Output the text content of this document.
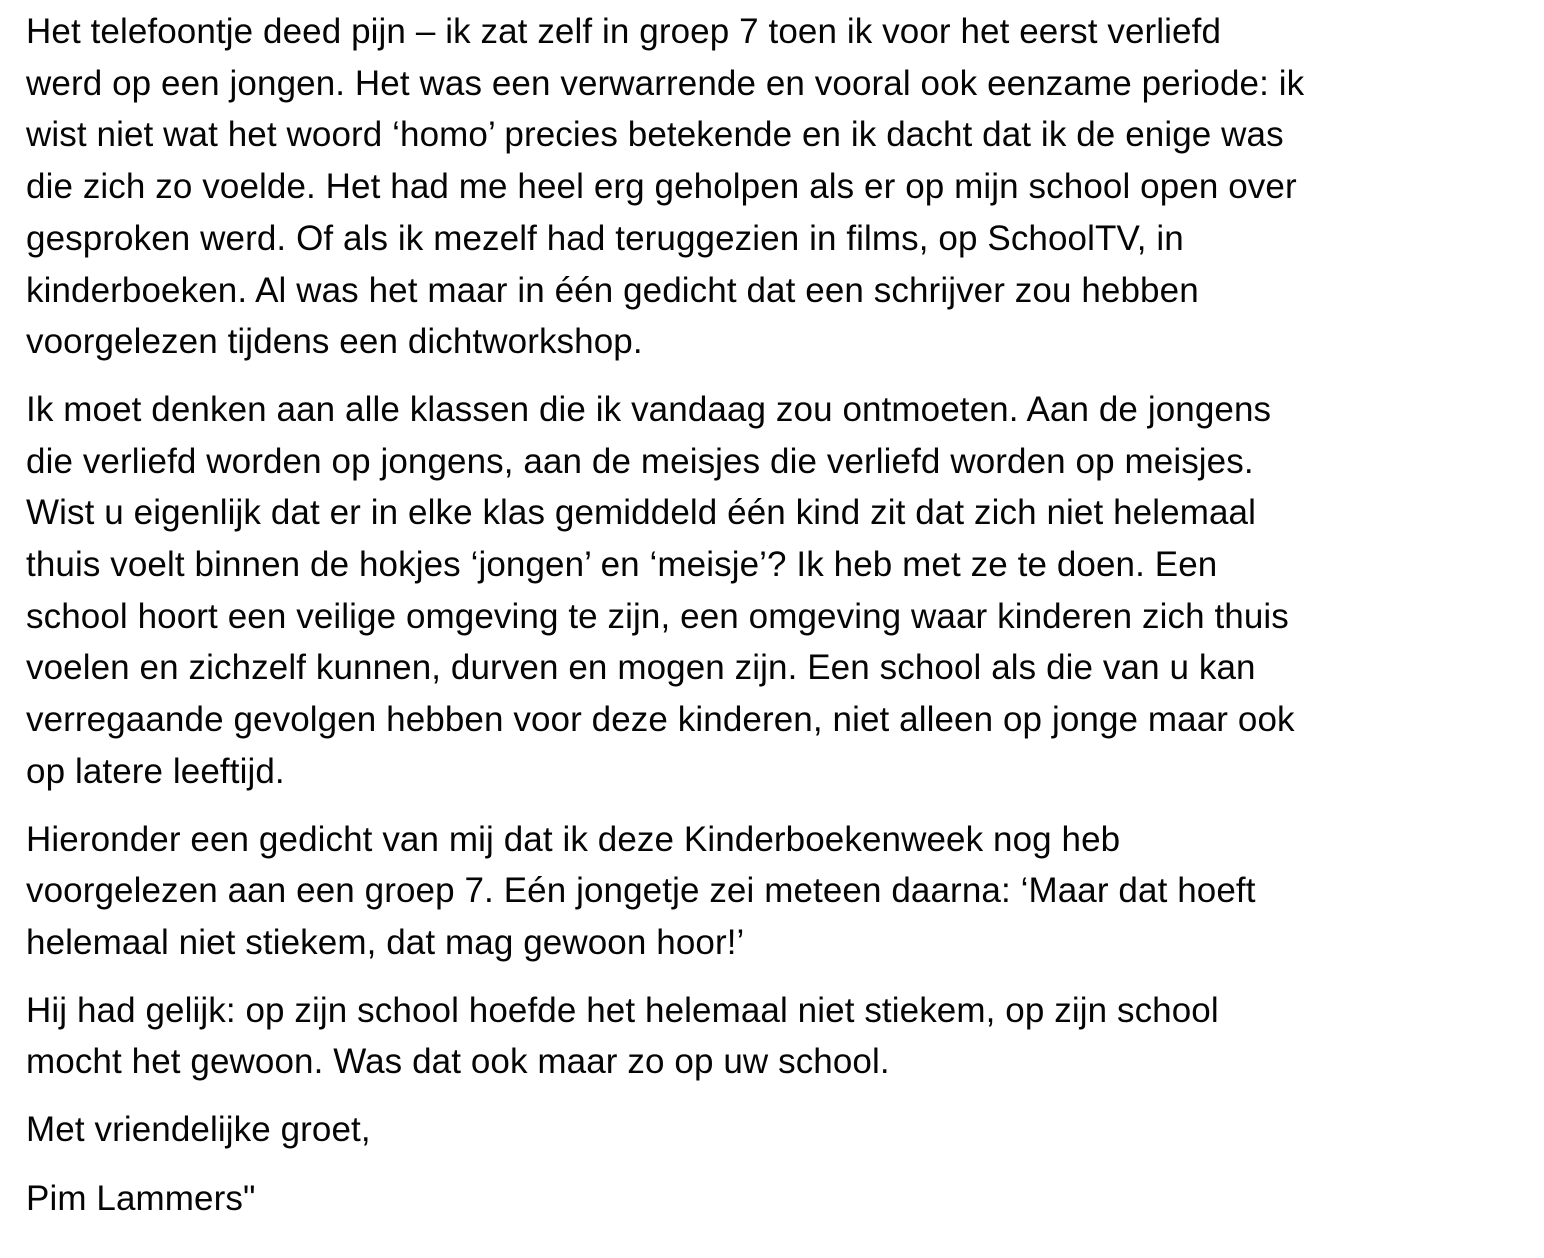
Het telefoontje deed pijn – ik zat zelf in groep 7 toen ik voor het eerst verliefd
werd op een jongen. Het was een verwarrende en vooral ook eenzame periode: ik
wist niet wat het woord ‘homo’ precies betekende en ik dacht dat ik de enige was
die zich zo voelde. Het had me heel erg geholpen als er op mijn school open over
gesproken werd. Of als ik mezelf had teruggezien in films, op SchoolTV, in
kinderboeken. Al was het maar in één gedicht dat een schrijver zou hebben
voorgelezen tijdens een dichtworkshop.
Ik moet denken aan alle klassen die ik vandaag zou ontmoeten. Aan de jongens
die verliefd worden op jongens, aan de meisjes die verliefd worden op meisjes.
Wist u eigenlijk dat er in elke klas gemiddeld één kind zit dat zich niet helemaal
thuis voelt binnen de hokjes ‘jongen’ en ‘meisje’? Ik heb met ze te doen. Een
school hoort een veilige omgeving te zijn, een omgeving waar kinderen zich thuis
voelen en zichzelf kunnen, durven en mogen zijn. Een school als die van u kan
verregaande gevolgen hebben voor deze kinderen, niet alleen op jonge maar ook
op latere leeftijd.
Hieronder een gedicht van mij dat ik deze Kinderboekenweek nog heb
voorgelezen aan een groep 7. Eén jongetje zei meteen daarna: ‘Maar dat hoeft
helemaal niet stiekem, dat mag gewoon hoor!’
Hij had gelijk: op zijn school hoefde het helemaal niet stiekem, op zijn school
mocht het gewoon. Was dat ook maar zo op uw school.
Met vriendelijke groet,
Pim Lammers"
